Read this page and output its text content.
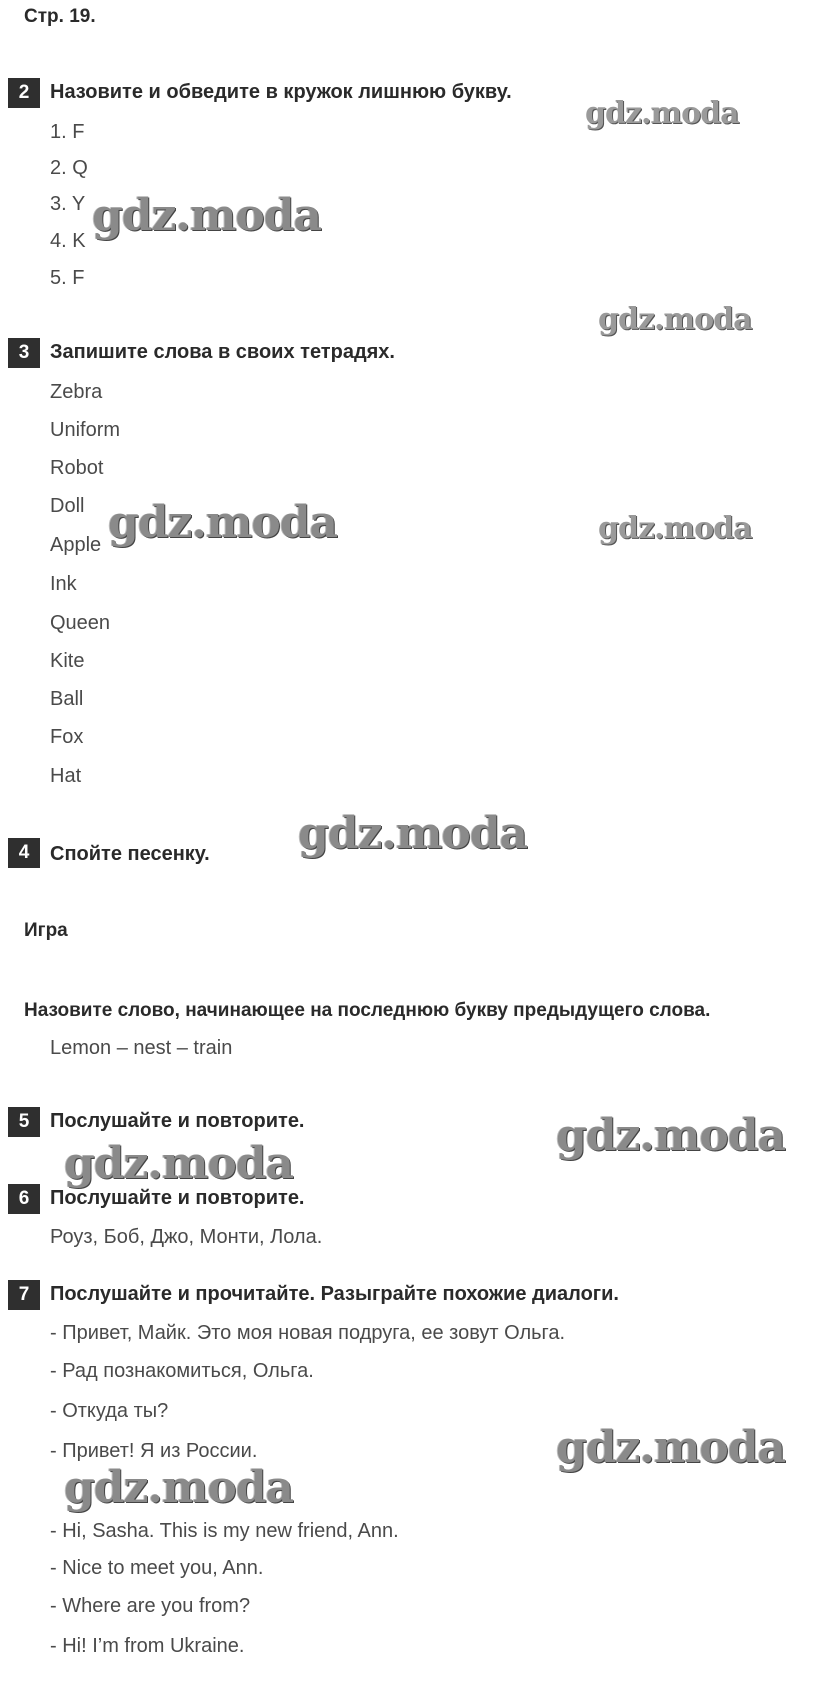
Стр. 19.
2	Назовите и обведите в кружок лишнюю букву.
1. F
2. Q
3. Y
4. K
5. F
3	Запишите слова в своих тетрадях.
Zebra
Uniform
Robot
Doll
Apple
Ink
Queen
Kite
Ball
Fox
Hat
4	Спойте песенку.
Игра
Назовите слово, начинающее на последнюю букву предыдущего слова.
Lemon – nest – train
5	Послушайте и повторите.
6	Послушайте и повторите.
Роуз, Боб, Джо, Монти, Лола.
7	Послушайте и прочитайте. Разыграйте похожие диалоги.
- Привет, Майк. Это моя новая подруга, ее зовут Ольга.
- Рад познакомиться, Ольга.
- Откуда ты?
- Привет! Я из России.
- Hi, Sasha. This is my new friend, Ann.
- Nice to meet you, Ann.
- Where are you from?
- Hi! I’m from Ukraine.
gdz.moda
gdz.moda
gdz.moda
gdz.moda	gdz.moda
gdz.moda
gdz.moda
gdz.moda
gdz.moda
gdz.moda
